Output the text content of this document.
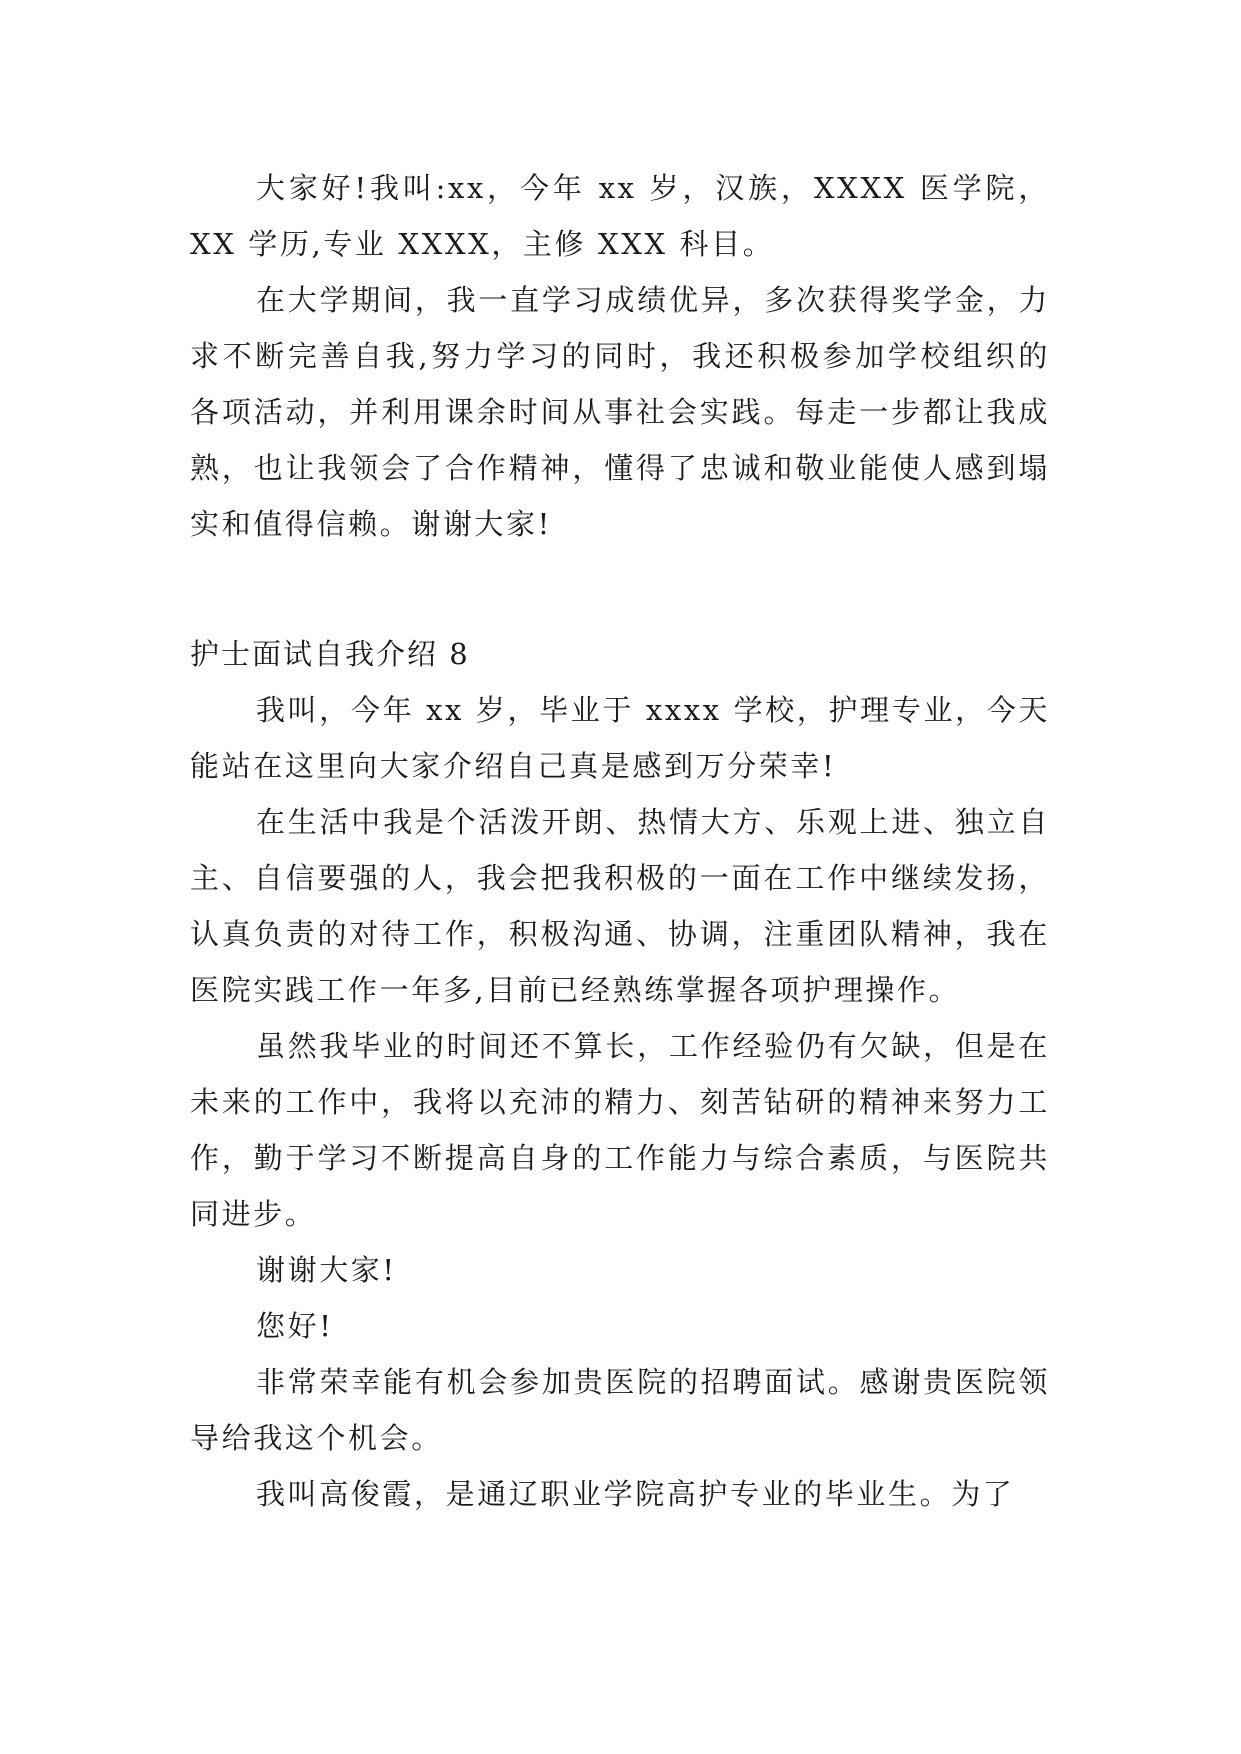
大家好!我叫:xx，今年 xx 岁，汉族，XXXX 医学院，XX 学历,专业 XXXX，主修 XXX 科目。

在大学期间，我一直学习成绩优异，多次获得奖学金，力求不断完善自我,努力学习的同时，我还积极参加学校组织的各项活动，并利用课余时间从事社会实践。每走一步都让我成熟，也让我领会了合作精神，懂得了忠诚和敬业能使人感到塌实和值得信赖。谢谢大家!

护士面试自我介绍 8

我叫，今年 xx 岁，毕业于 xxxx 学校，护理专业，今天能站在这里向大家介绍自己真是感到万分荣幸!

在生活中我是个活泼开朗、热情大方、乐观上进、独立自主、自信要强的人，我会把我积极的一面在工作中继续发扬，认真负责的对待工作，积极沟通、协调，注重团队精神，我在医院实践工作一年多,目前已经熟练掌握各项护理操作。

虽然我毕业的时间还不算长，工作经验仍有欠缺，但是在未来的工作中，我将以充沛的精力、刻苦钻研的精神来努力工作，勤于学习不断提高自身的工作能力与综合素质，与医院共同进步。

谢谢大家!

您好!

非常荣幸能有机会参加贵医院的招聘面试。感谢贵医院领导给我这个机会。

我叫高俊霞，是通辽职业学院高护专业的毕业生。为了
